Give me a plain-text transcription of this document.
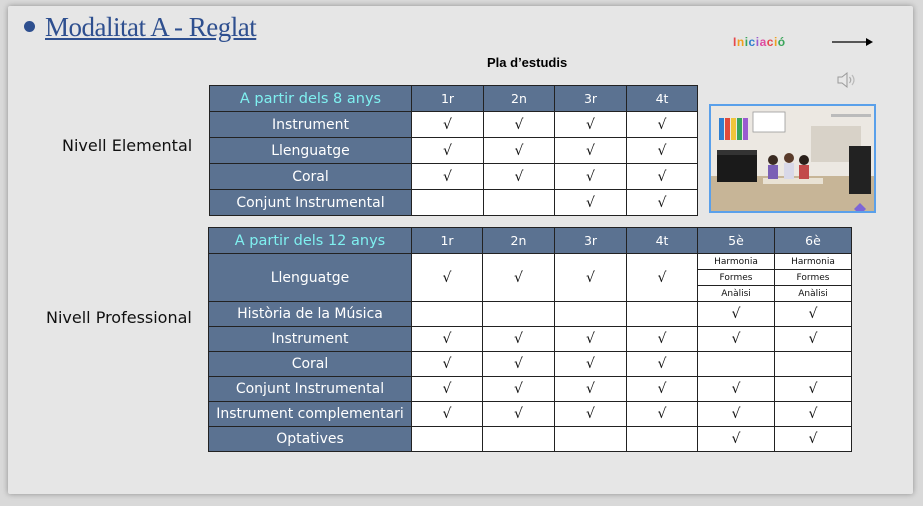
Modalitat A - Reglat
Pla d’estudis
Iniciació
Nivell Elemental
Nivell Professional
A partir dels 8 anys	1r	2n	3r	4t
Instrument	√	√	√	√
Llenguatge	√	√	√	√
Coral	√	√	√	√
Conjunt Instrumental			√	√
A partir dels 12 anys	1r	2n	3r	4t	5è	6è
Llenguatge	√	√	√	√	Harmonia	Harmonia
					Formes	Formes
					Anàlisi	Anàlisi
Història de la Música					√	√
Instrument	√	√	√	√	√	√
Coral	√	√	√	√		
Conjunt Instrumental	√	√	√	√	√	√
Instrument complementari	√	√	√	√	√	√
Optatives					√	√
